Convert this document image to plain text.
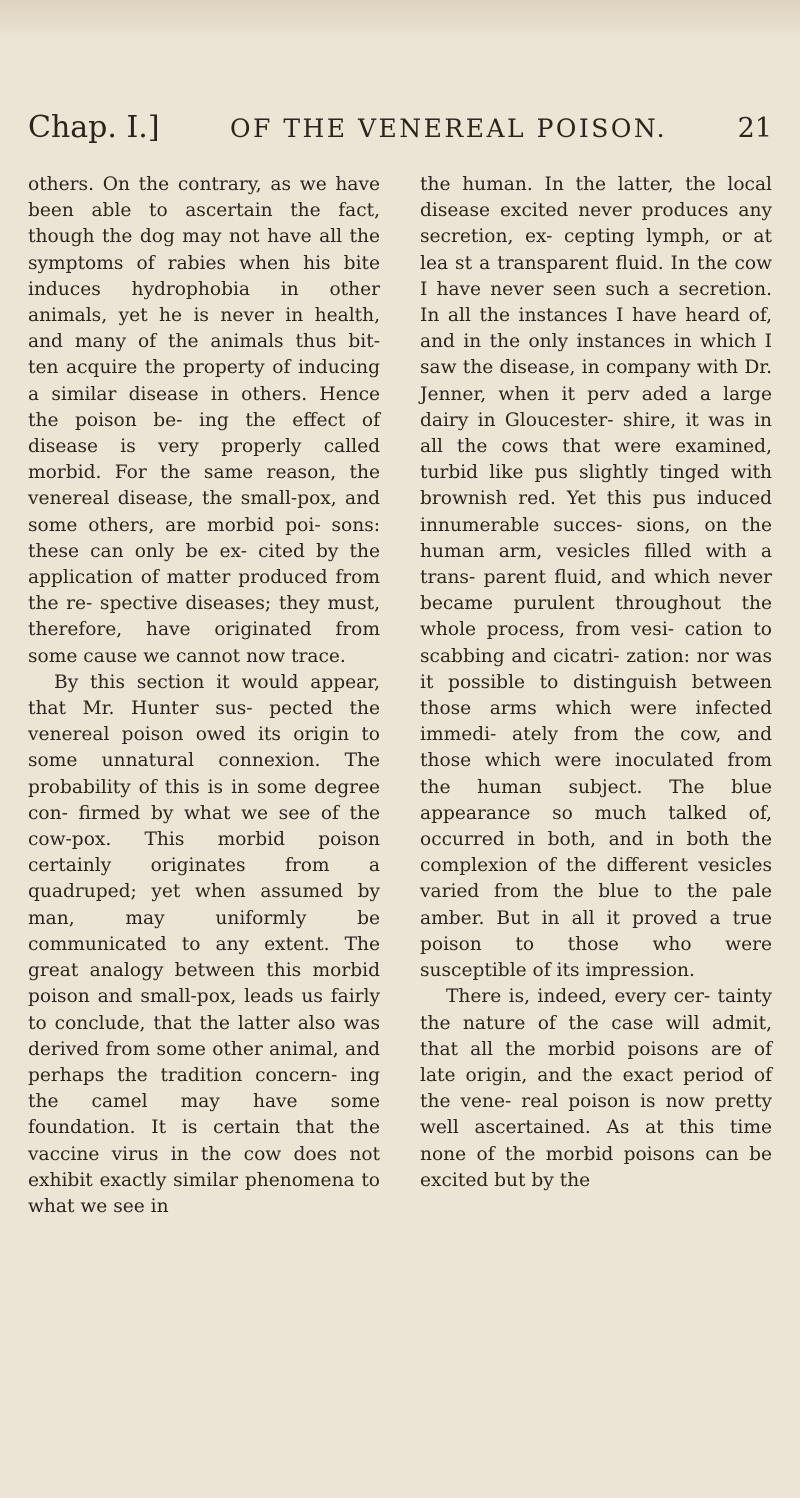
Chap. I.]	OF THE VENEREAL POISON.	21

others. On the contrary, as we have been able to ascertain the fact, though the dog may not have all the symptoms of rabies when his bite induces hydrophobia in other animals, yet he is never in health, and many of the animals thus bit- ten acquire the property of inducing a similar disease in others. Hence the poison be- ing the effect of disease is very properly called morbid. For the same reason, the venereal disease, the small-pox, and some others, are morbid poi- sons: these can only be ex- cited by the application of matter produced from the re- spective diseases; they must, therefore, have originated from some cause we cannot now trace.

By this section it would appear, that Mr. Hunter sus- pected the venereal poison owed its origin to some unnatural connexion. The probability of this is in some degree con- firmed by what we see of the cow-pox. This morbid poison certainly originates from a quadruped; yet when assumed by man, may uniformly be communicated to any extent. The great analogy between this morbid poison and small-pox, leads us fairly to conclude, that the latter also was derived from some other animal, and perhaps the tradition concern- ing the camel may have some foundation. It is certain that the vaccine virus in the cow does not exhibit exactly similar phenomena to what we see in

the human. In the latter, the local disease excited never produces any secretion, ex- cepting lymph, or at lea st a transparent fluid. In the cow I have never seen such a secretion. In all the instances I have heard of, and in the only instances in which I saw the disease, in company with Dr. Jenner, when it perv aded a large dairy in Gloucester- shire, it was in all the cows that were examined, turbid like pus slightly tinged with brownish red. Yet this pus induced innumerable succes- sions, on the human arm, vesicles filled with a trans- parent fluid, and which never became purulent throughout the whole process, from vesi- cation to scabbing and cicatri- zation: nor was it possible to distinguish between those arms which were infected immedi- ately from the cow, and those which were inoculated from the human subject. The blue appearance so much talked of, occurred in both, and in both the complexion of the different vesicles varied from the blue to the pale amber. But in all it proved a true poison to those who were susceptible of its impression.

There is, indeed, every cer- tainty the nature of the case will admit, that all the morbid poisons are of late origin, and the exact period of the vene- real poison is now pretty well ascertained. As at this time none of the morbid poisons can be excited but by the
